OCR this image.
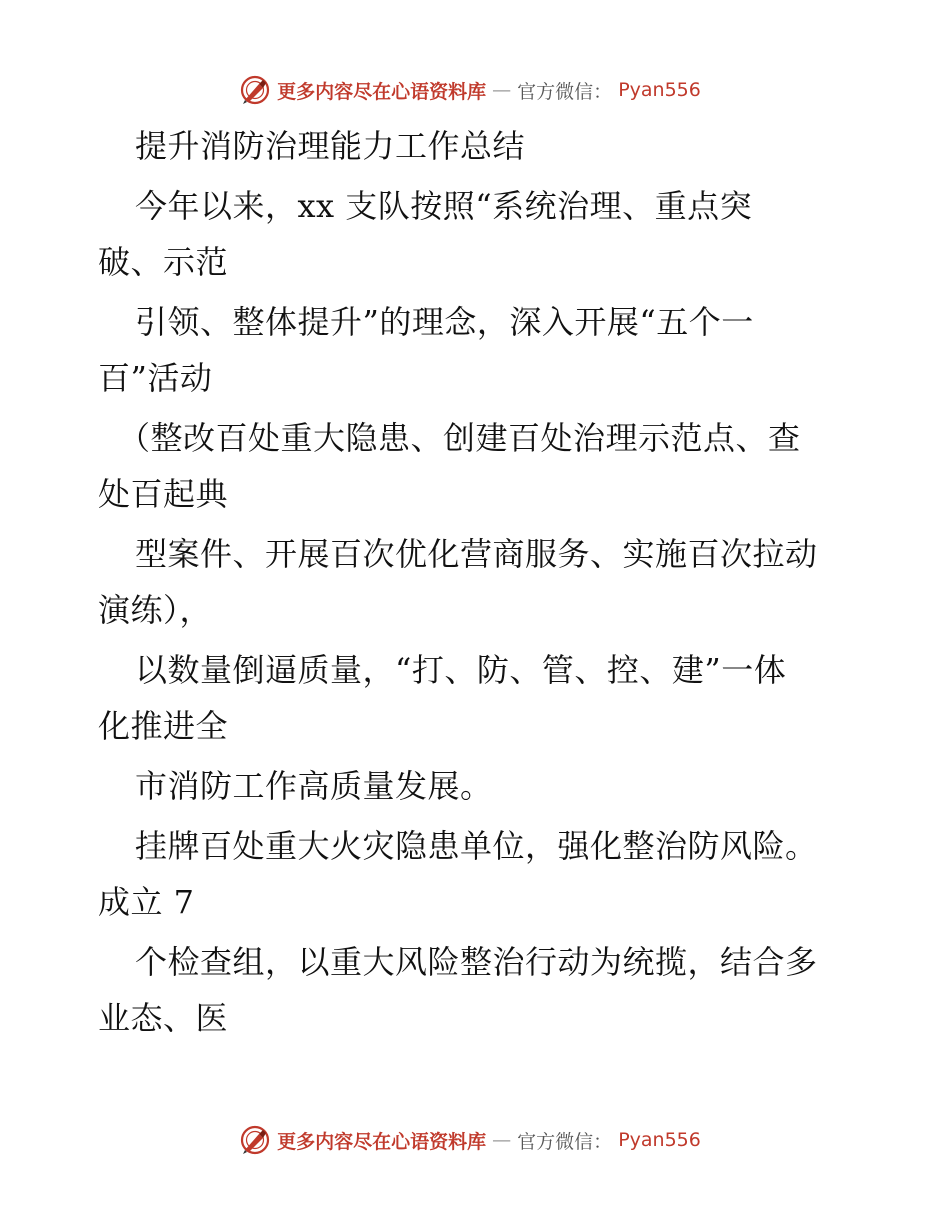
更多内容尽在心语资料库 — 官方微信： Pyan556
提升消防治理能力工作总结
今年以来，xx 支队按照“系统治理、重点突
破、示范
引领、整体提升”的理念，深入开展“五个一
百”活动
（整改百处重大隐患、创建百处治理示范点、查
处百起典
型案件、开展百次优化营商服务、实施百次拉动
演练），
以数量倒逼质量，“打、防、管、控、建”一体
化推进全
市消防工作高质量发展。
挂牌百处重大火灾隐患单位，强化整治防风险。
成立 7
个检查组，以重大风险整治行动为统揽，结合多
业态、医
更多内容尽在心语资料库 — 官方微信： Pyan556
